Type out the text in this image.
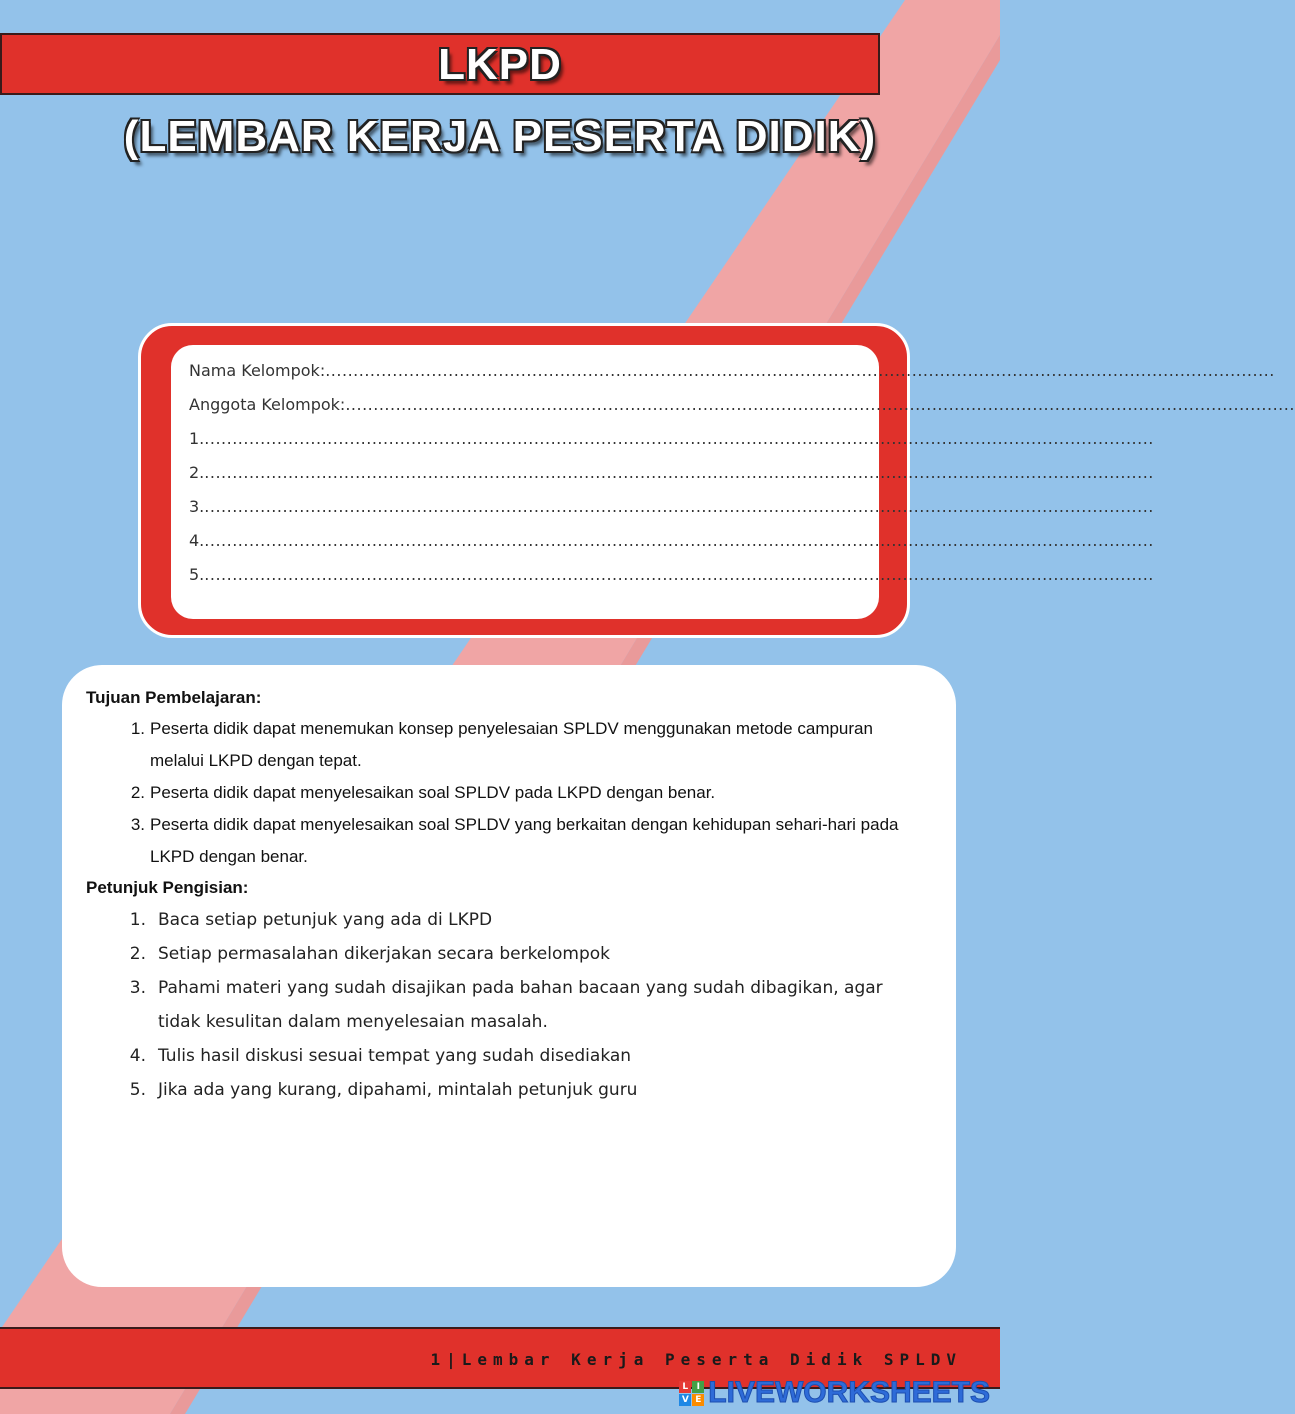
LKPD
(LEMBAR KERJA PESERTA DIDIK)
Nama Kelompok: ..........................................................................................................................................................................
Anggota Kelompok: ..........................................................................................................................................................................
1. ..........................................................................................................................................................................
2. ..........................................................................................................................................................................
3. ..........................................................................................................................................................................
4. ..........................................................................................................................................................................
5. ..........................................................................................................................................................................

Tujuan Pembelajaran:

1. Peserta didik dapat menemukan konsep penyelesaian SPLDV menggunakan metode campuran melalui LKPD dengan tepat.
2. Peserta didik dapat menyelesaikan soal SPLDV pada LKPD dengan benar.
3. Peserta didik dapat menyelesaikan soal SPLDV yang berkaitan dengan kehidupan sehari-hari pada LKPD dengan benar.

Petunjuk Pengisian:

1. Baca setiap petunjuk yang ada di LKPD
2. Setiap permasalahan dikerjakan secara berkelompok
3. Pahami materi yang sudah disajikan pada bahan bacaan yang sudah dibagikan, agar tidak kesulitan dalam menyelesaian masalah.
4. Tulis hasil diskusi sesuai tempat yang sudah disediakan
5. Jika ada yang kurang, dipahami, mintalah petunjuk guru
1|Lembar Kerja Peserta Didik SPLDV
L I
V E LIVEWORKSHEETS
